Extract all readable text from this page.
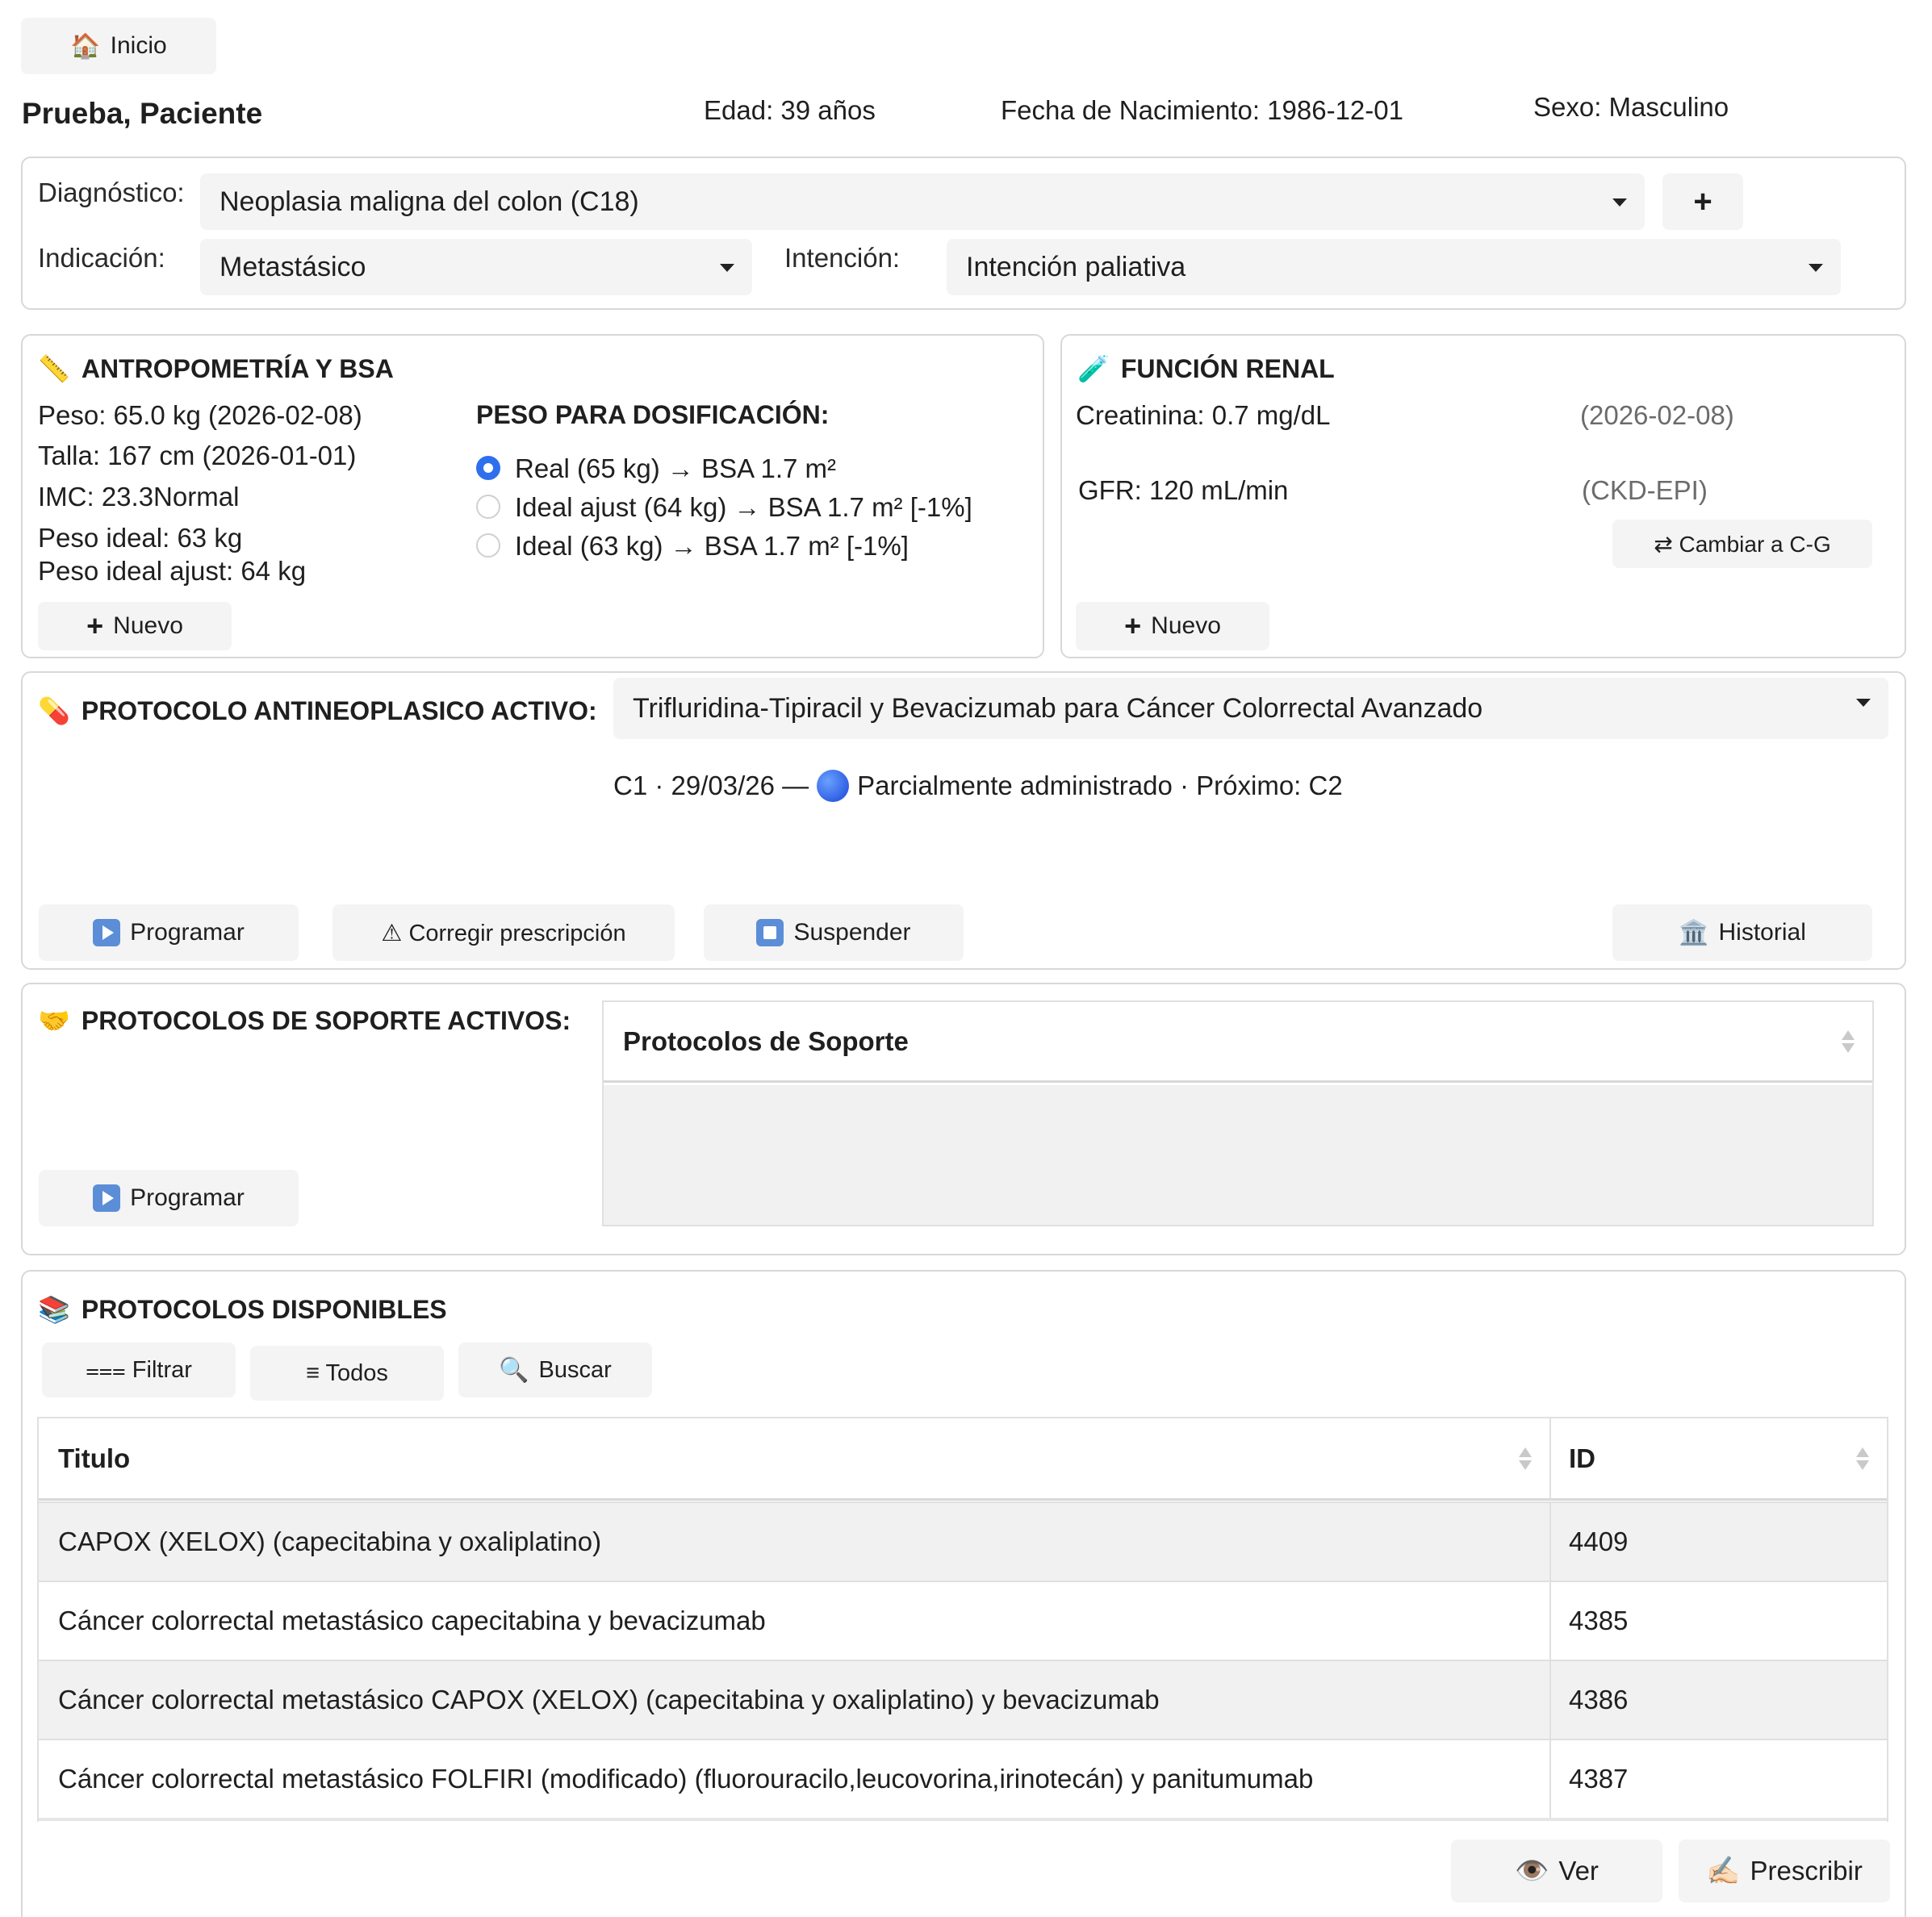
🏠 Inicio
Prueba, Paciente	Edad: 39 años	Fecha de Nacimiento: 1986-12-01	Sexo: Masculino
Diagnóstico: Neoplasia maligna del colon (C18)	+
Indicación: Metastásico	Intención: Intención paliativa
📏 ANTROPOMETRÍA Y BSA
Peso: 65.0 kg (2026-02-08)
Talla: 167 cm (2026-01-01)
IMC: 23.3Normal
Peso ideal: 63 kg
Peso ideal ajust: 64 kg
PESO PARA DOSIFICACIÓN:
Real (65 kg) → BSA 1.7 m²
Ideal ajust (64 kg) → BSA 1.7 m² [-1%]
Ideal (63 kg) → BSA 1.7 m² [-1%]
+ Nuevo
🧪 FUNCIÓN RENAL
Creatinina: 0.7 mg/dL	(2026-02-08)
GFR: 120 mL/min	(CKD-EPI)
⇄ Cambiar a C-G
+ Nuevo
💊 PROTOCOLO ANTINEOPLASICO ACTIVO: Trifluridina-Tipiracil y Bevacizumab para Cáncer Colorrectal Avanzado
C1 · 29/03/26 — Parcialmente administrado · Próximo: C2
Programar	⚠ Corregir prescripción	Suspender	🏛️ Historial
🤝 PROTOCOLOS DE SOPORTE ACTIVOS:
Protocolos de Soporte
Programar
📚 PROTOCOLOS DISPONIBLES
⩶ Filtrar	≡ Todos	🔍 Buscar
Titulo	ID
CAPOX (XELOX) (capecitabina y oxaliplatino)	4409
Cáncer colorrectal metastásico capecitabina y bevacizumab	4385
Cáncer colorrectal metastásico CAPOX (XELOX) (capecitabina y oxaliplatino) y bevacizumab	4386
Cáncer colorrectal metastásico FOLFIRI (modificado) (fluorouracilo,leucovorina,irinotecán) y panitumumab	4387
👁️ Ver	✍🏻 Prescribir
